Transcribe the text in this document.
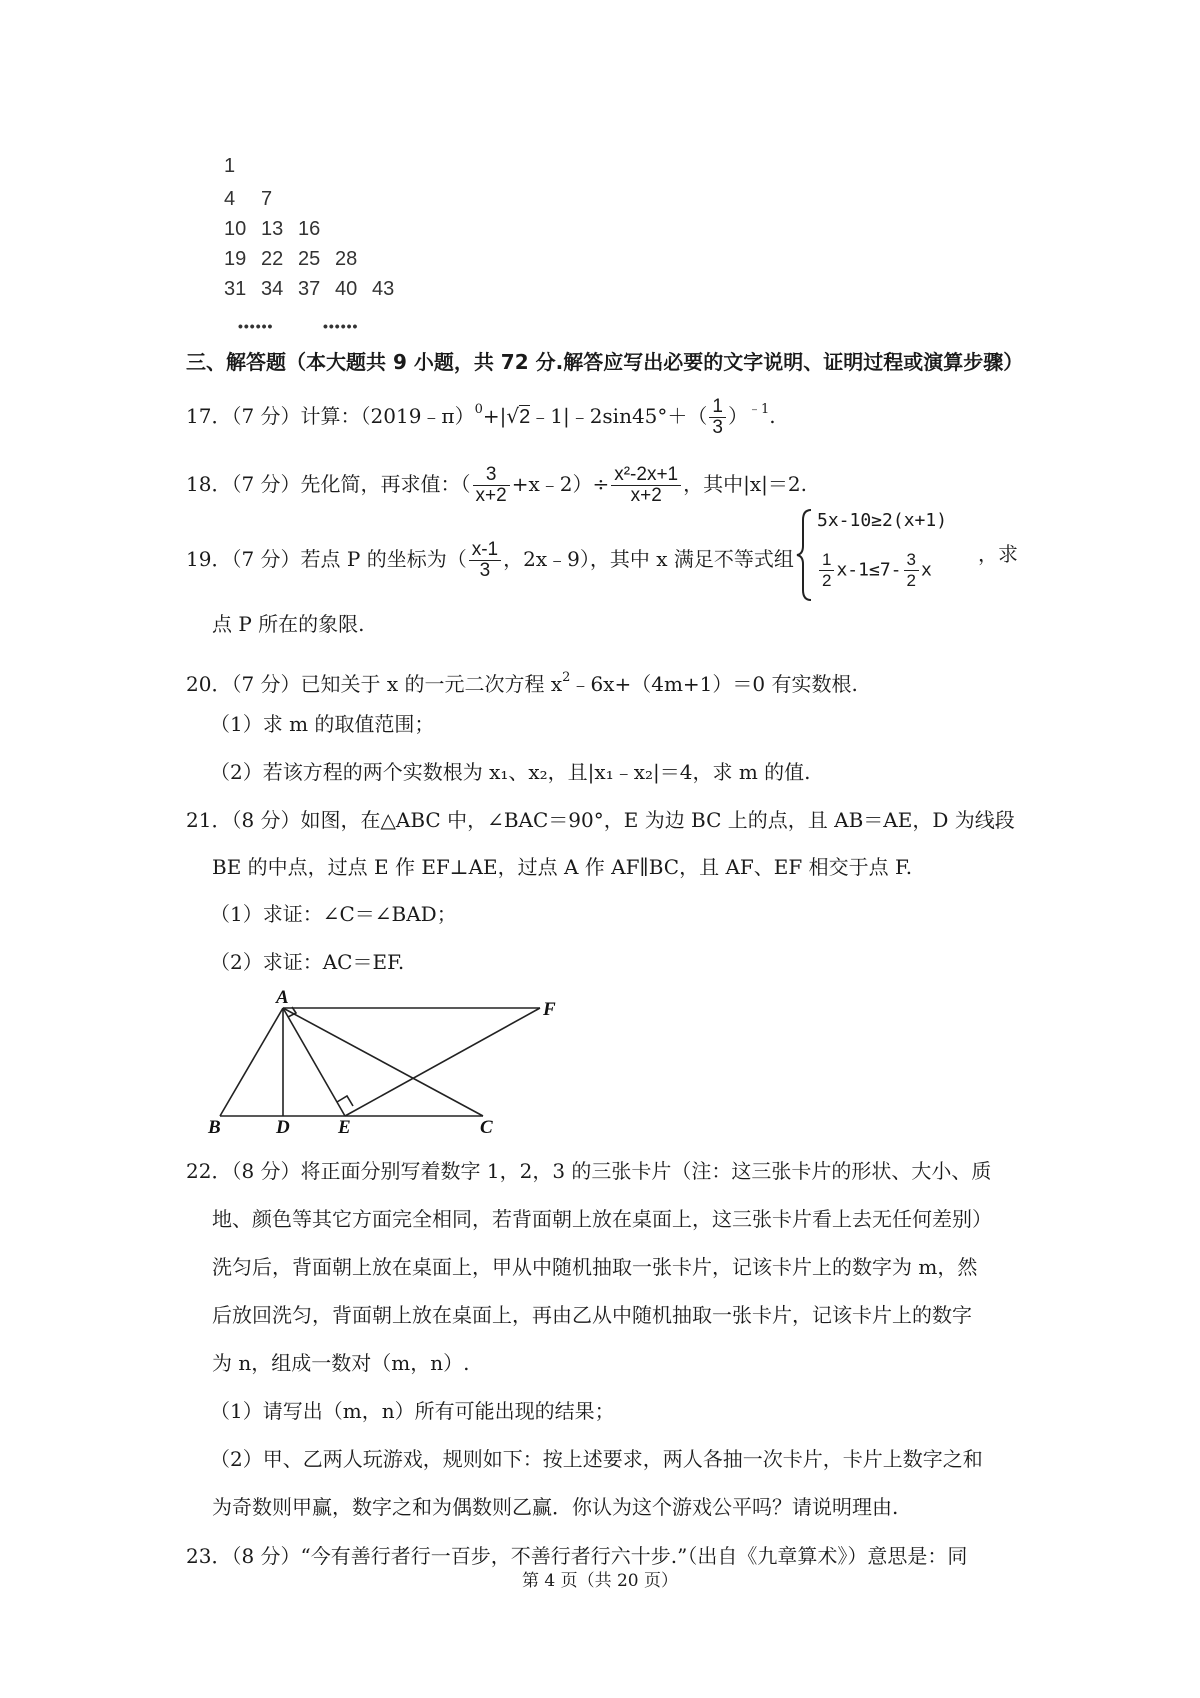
1
4 7
10 13 16
19 22 25 28
31 34 37 40 43
••••••	••••••
三、解答题（本大题共 9 小题，共 72 分.解答应写出必要的文字说明、证明过程或演算步骤）
17．（7 分）计算：（2019﹣π）$^0$+|√2﹣1|﹣2sin45°＋（ $\frac{1}{3} )^{﹣1}$.
18．（7 分）先化简，再求值：（ $\frac{3}{x+2}$ +x﹣2）÷ $\frac{\text{x²-2x+1}}{x+2}$ ，其中|x|＝2.
19．（7 分）若点 P 的坐标为（ $\frac{x-1}{3}$ ，2x﹣9），其中 x 满足不等式组
5x-10≥2(x+1)
$\frac{1}{2} x-1\le 7- \frac{3}{2}$ x
，求
点 P 所在的象限.
20．（7 分）已知关于 x 的一元二次方程 $x^2﹣6x+(4m+1)=0$ 有实数根.
（1）求 m 的取值范围；
（2）若该方程的两个实数根为 x₁、x₂，且|x₁﹣x₂|＝4，求 m 的值.
21．（8 分）如图，在△ABC 中，∠BAC＝90°，E 为边 BC 上的点，且 AB＝AE，D 为线段
BE 的中点，过点 E 作 EF⊥AE，过点 A 作 AF∥BC，且 AF、EF 相交于点 F.
（1）求证：∠C＝∠BAD；
（2）求证：AC＝EF.
A
F
B	D	E	C
22．（8 分）将正面分别写着数字 1，2，3 的三张卡片（注：这三张卡片的形状、大小、质
地、颜色等其它方面完全相同，若背面朝上放在桌面上，这三张卡片看上去无任何差别）
洗匀后，背面朝上放在桌面上，甲从中随机抽取一张卡片，记该卡片上的数字为 m，然
后放回洗匀，背面朝上放在桌面上，再由乙从中随机抽取一张卡片，记该卡片上的数字
为 n，组成一数对（m，n）.
（1）请写出（m，n）所有可能出现的结果；
（2）甲、乙两人玩游戏，规则如下：按上述要求，两人各抽一次卡片，卡片上数字之和
为奇数则甲赢，数字之和为偶数则乙赢．你认为这个游戏公平吗？请说明理由.
23．（8 分）“今有善行者行一百步，不善行者行六十步.”（出自《九章算术》）意思是：同
第 4 页（共 20 页）
